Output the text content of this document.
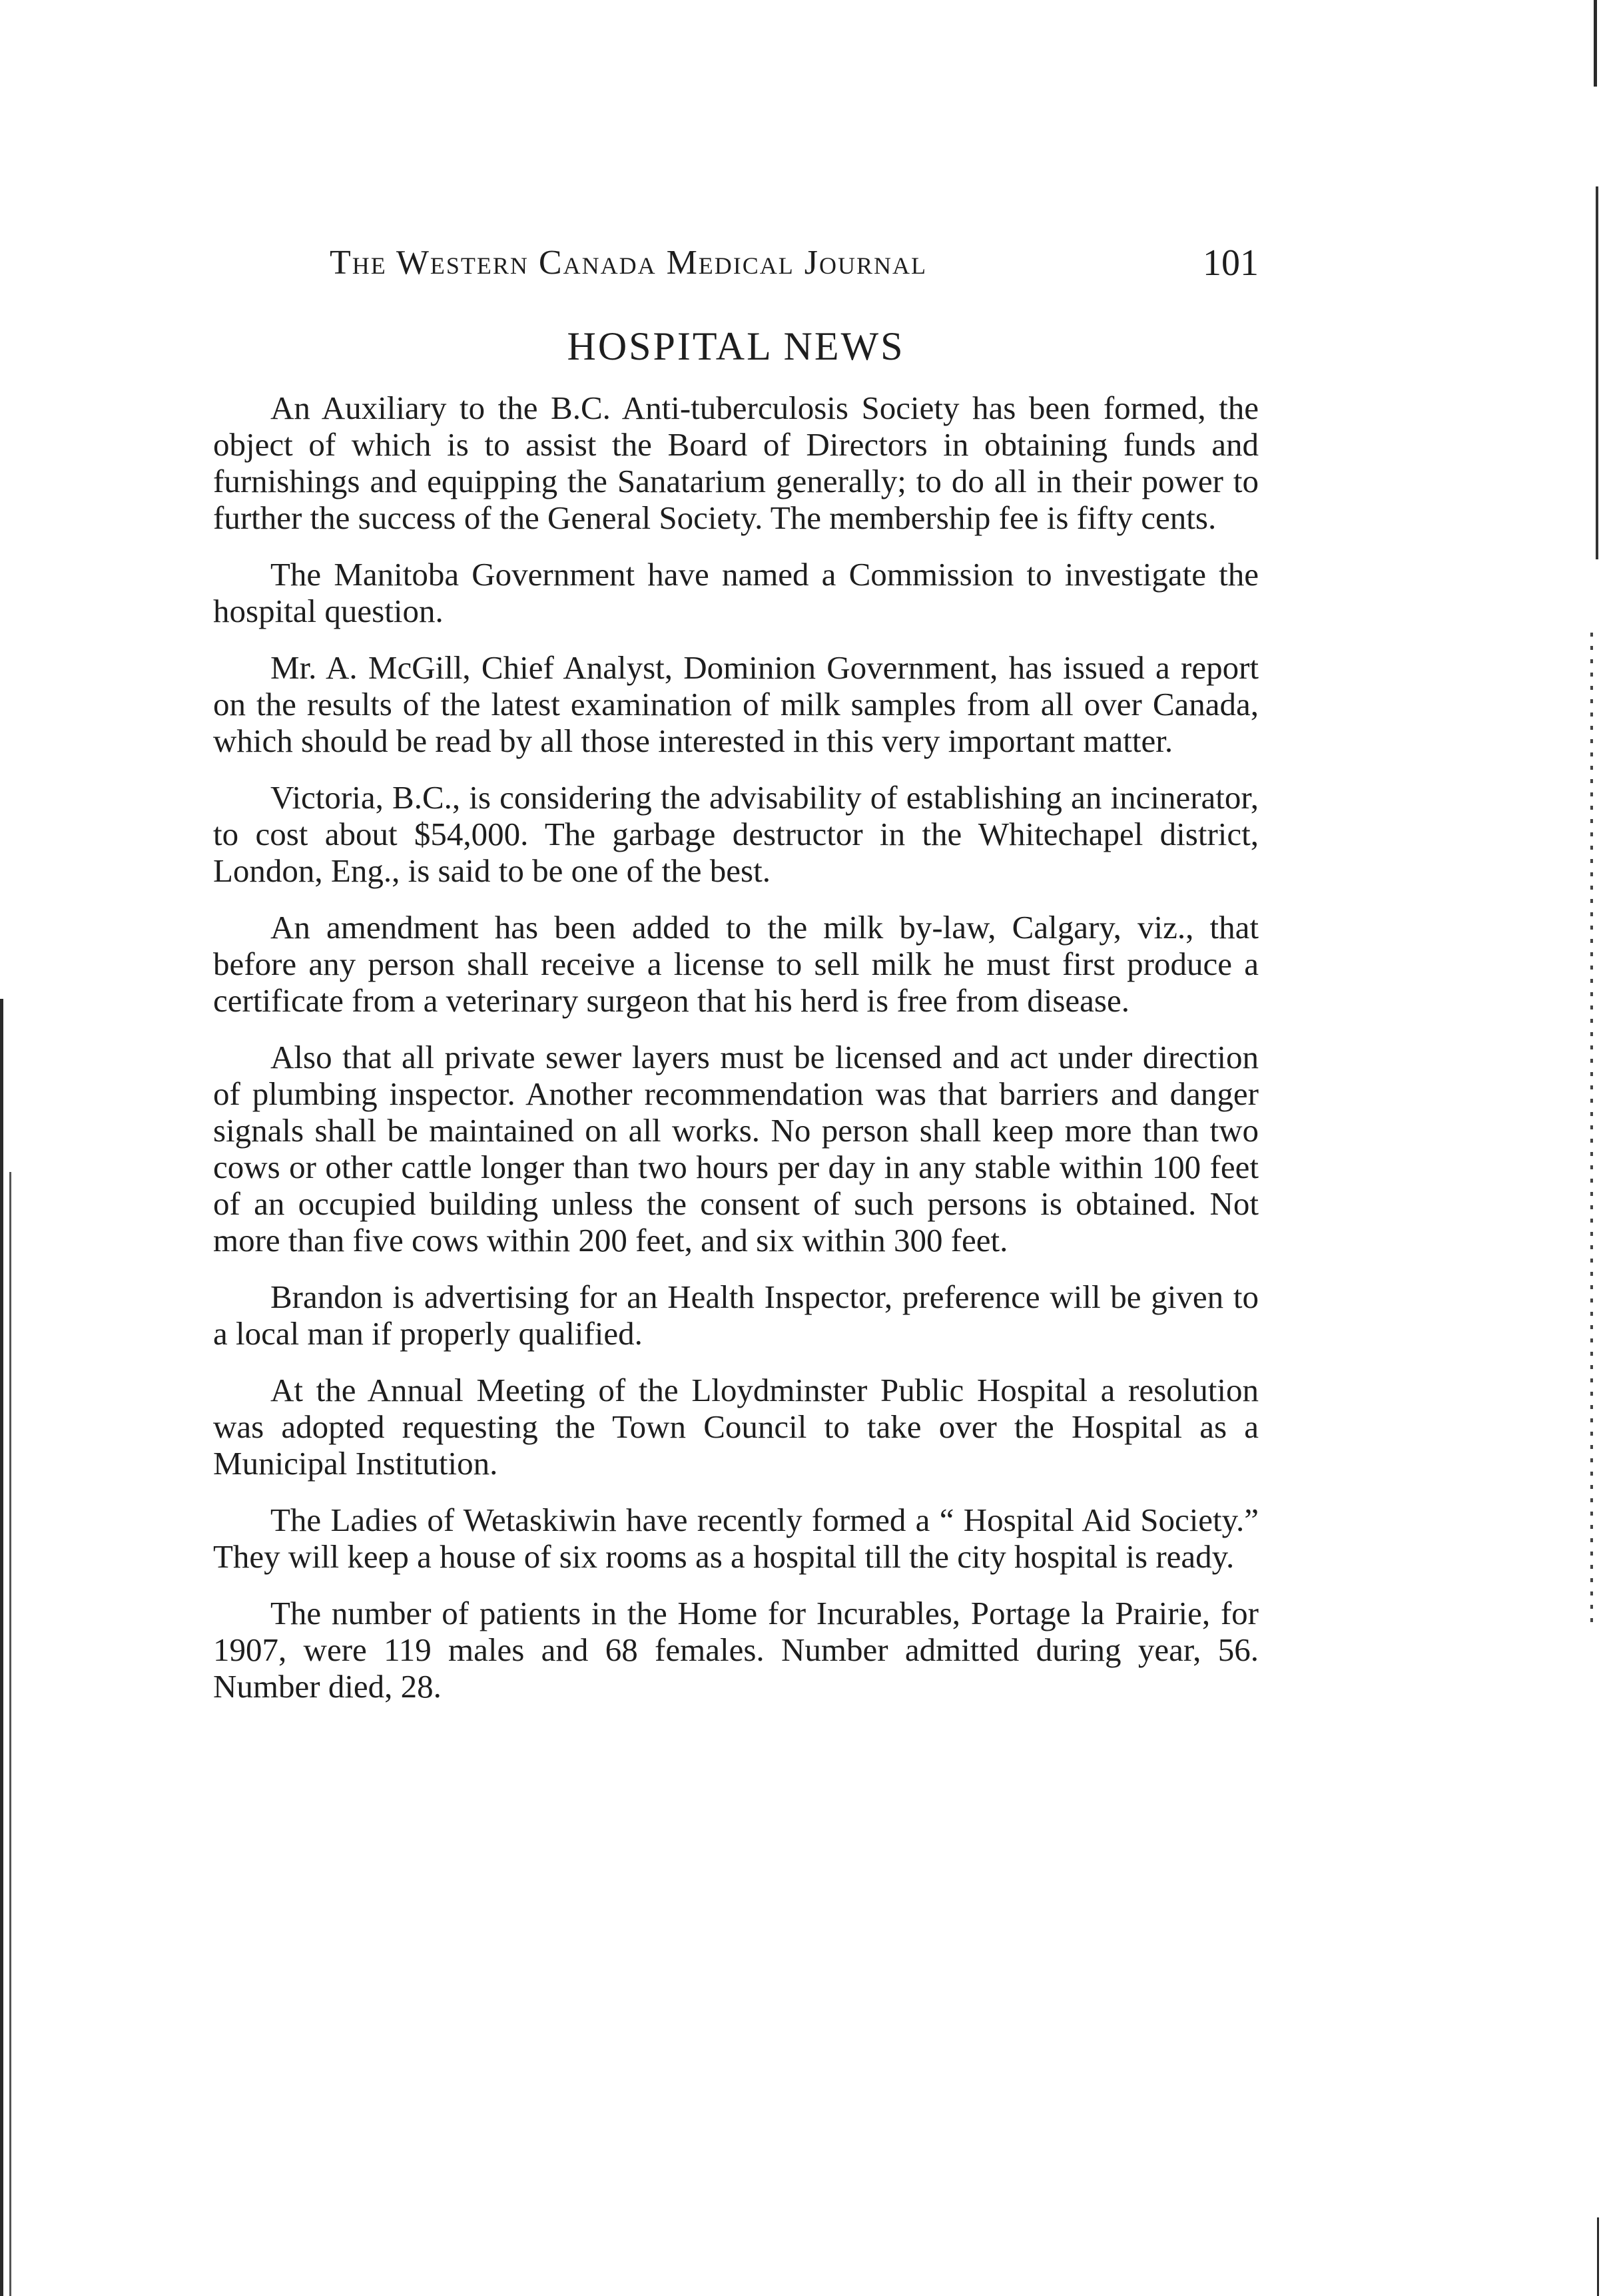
The Western Canada Medical Journal	101
HOSPITAL NEWS

An Auxiliary to the B.C. Anti-tuberculosis Society has been formed, the object of which is to assist the Board of Directors in obtaining funds and furnishings and equipping the Sanatarium generally; to do all in their power to further the success of the General Society. The membership fee is fifty cents.

The Manitoba Government have named a Commission to investigate the hospital question.

Mr. A. McGill, Chief Analyst, Dominion Government, has issued a report on the results of the latest examination of milk samples from all over Canada, which should be read by all those interested in this very important matter.

Victoria, B.C., is considering the advisability of establishing an incinerator, to cost about $54,000. The garbage destructor in the Whitechapel district, London, Eng., is said to be one of the best.

An amendment has been added to the milk by-law, Calgary, viz., that before any person shall receive a license to sell milk he must first produce a certificate from a veterinary surgeon that his herd is free from disease.

Also that all private sewer layers must be licensed and act under direction of plumbing inspector. Another recommendation was that barriers and danger signals shall be maintained on all works. No person shall keep more than two cows or other cattle longer than two hours per day in any stable within 100 feet of an occupied building unless the consent of such persons is obtained. Not more than five cows within 200 feet, and six within 300 feet.

Brandon is advertising for an Health Inspector, preference will be given to a local man if properly qualified.

At the Annual Meeting of the Lloydminster Public Hospital a resolution was adopted requesting the Town Council to take over the Hospital as a Municipal Institution.

The Ladies of Wetaskiwin have recently formed a “ Hospital Aid Society.” They will keep a house of six rooms as a hospital till the city hospital is ready.

The number of patients in the Home for Incurables, Portage la Prairie, for 1907, were 119 males and 68 females. Number admitted during year, 56. Number died, 28.
